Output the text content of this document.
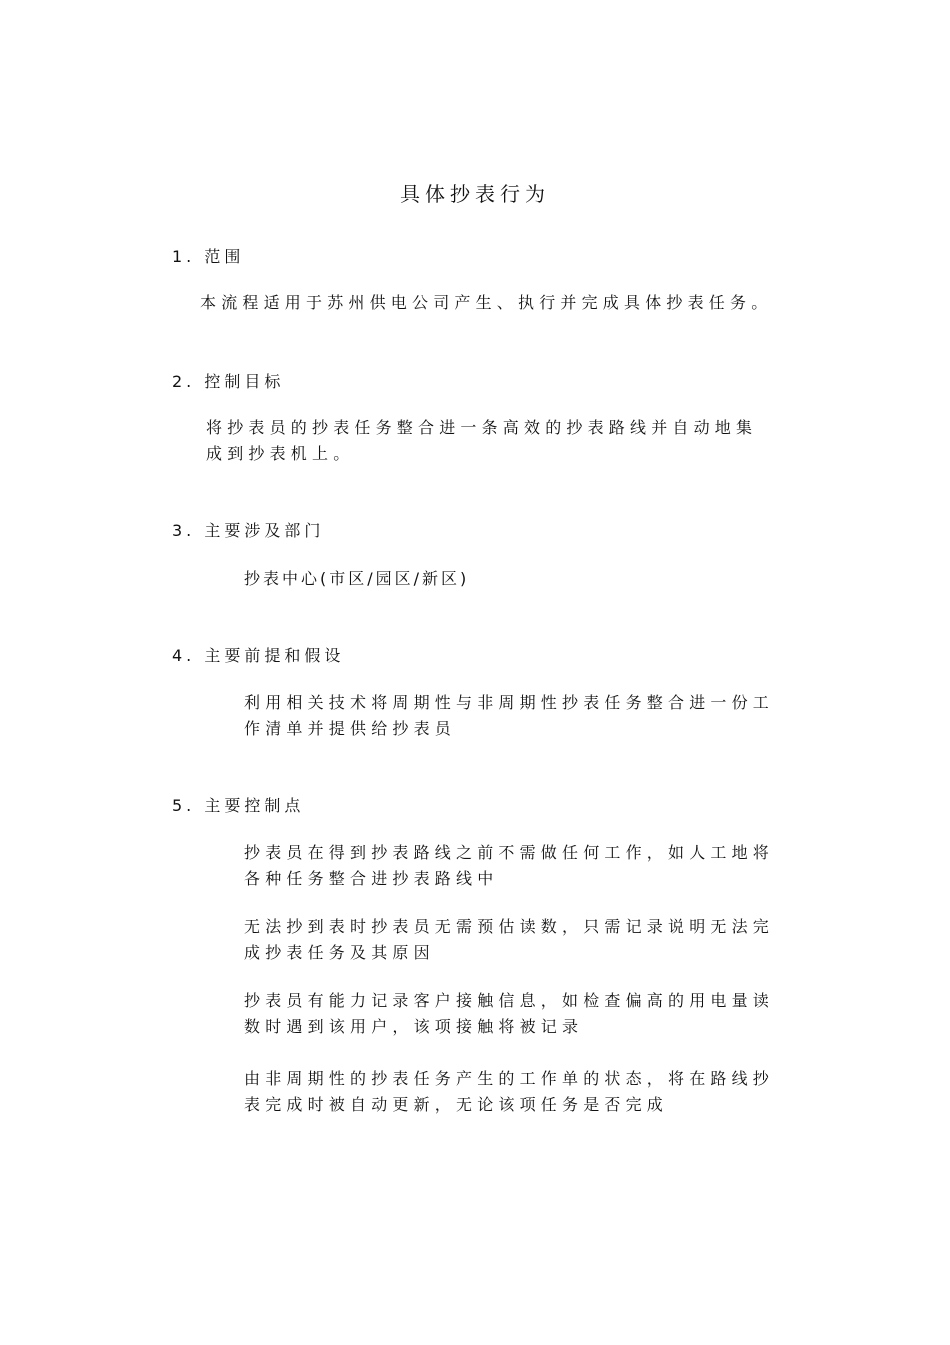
具体抄表行为
1. 范围
本流程适用于苏州供电公司产生、执行并完成具体抄表任务。
2. 控制目标
将抄表员的抄表任务整合进一条高效的抄表路线并自动地集
成到抄表机上。
3. 主要涉及部门
抄表中心(市区/园区/新区)
4. 主要前提和假设
利用相关技术将周期性与非周期性抄表任务整合进一份工
作清单并提供给抄表员
5. 主要控制点
抄表员在得到抄表路线之前不需做任何工作，如人工地将
各种任务整合进抄表路线中
无法抄到表时抄表员无需预估读数，只需记录说明无法完
成抄表任务及其原因
抄表员有能力记录客户接触信息，如检查偏高的用电量读
数时遇到该用户，该项接触将被记录
由非周期性的抄表任务产生的工作单的状态，将在路线抄
表完成时被自动更新，无论该项任务是否完成
